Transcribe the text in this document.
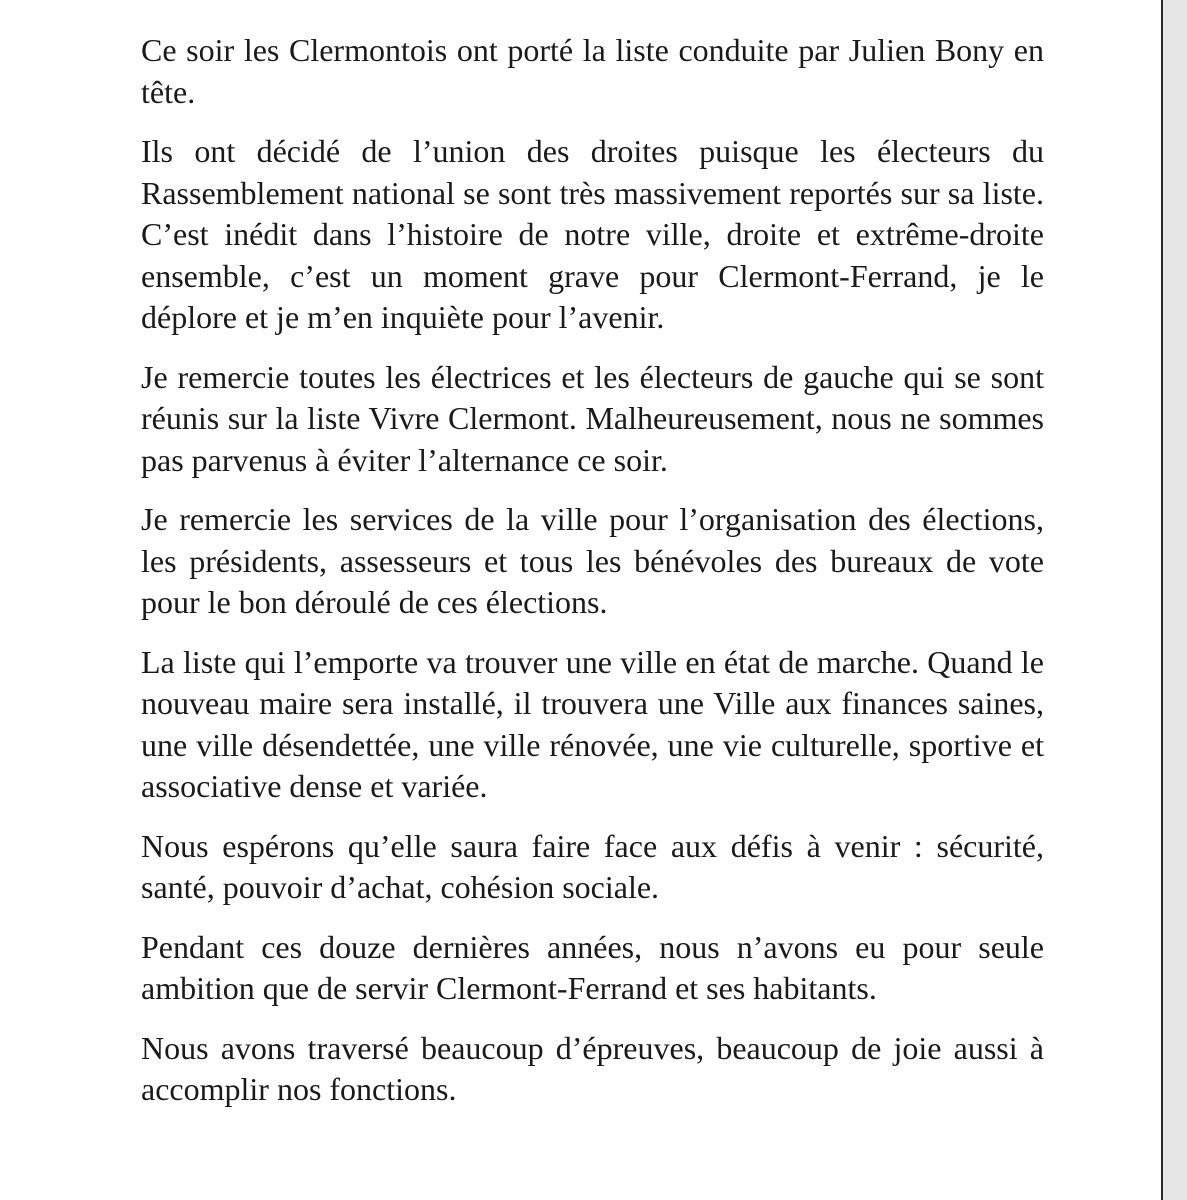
Ce soir les Clermontois ont porté la liste conduite par Julien Bony en tête.

Ils ont décidé de l’union des droites puisque les électeurs du Rassemblement national se sont très massivement reportés sur sa liste. C’est inédit dans l’histoire de notre ville, droite et extrême-droite ensemble, c’est un moment grave pour Clermont-Ferrand, je le déplore et je m’en inquiète pour l’avenir.

Je remercie toutes les électrices et les électeurs de gauche qui se sont réunis sur la liste Vivre Clermont. Malheureusement, nous ne sommes pas parvenus à éviter l’alternance ce soir.

Je remercie les services de la ville pour l’organisation des élections, les présidents, assesseurs et tous les bénévoles des bureaux de vote pour le bon déroulé de ces élections.

La liste qui l’emporte va trouver une ville en état de marche. Quand le nouveau maire sera installé, il trouvera une Ville aux finances saines, une ville désendettée, une ville rénovée, une vie culturelle, sportive et associative dense et variée.

Nous espérons qu’elle saura faire face aux défis à venir : sécurité, santé, pouvoir d’achat, cohésion sociale.

Pendant ces douze dernières années, nous n’avons eu pour seule ambition que de servir Clermont-Ferrand et ses habitants.

Nous avons traversé beaucoup d’épreuves, beaucoup de joie aussi à accomplir nos fonctions.
